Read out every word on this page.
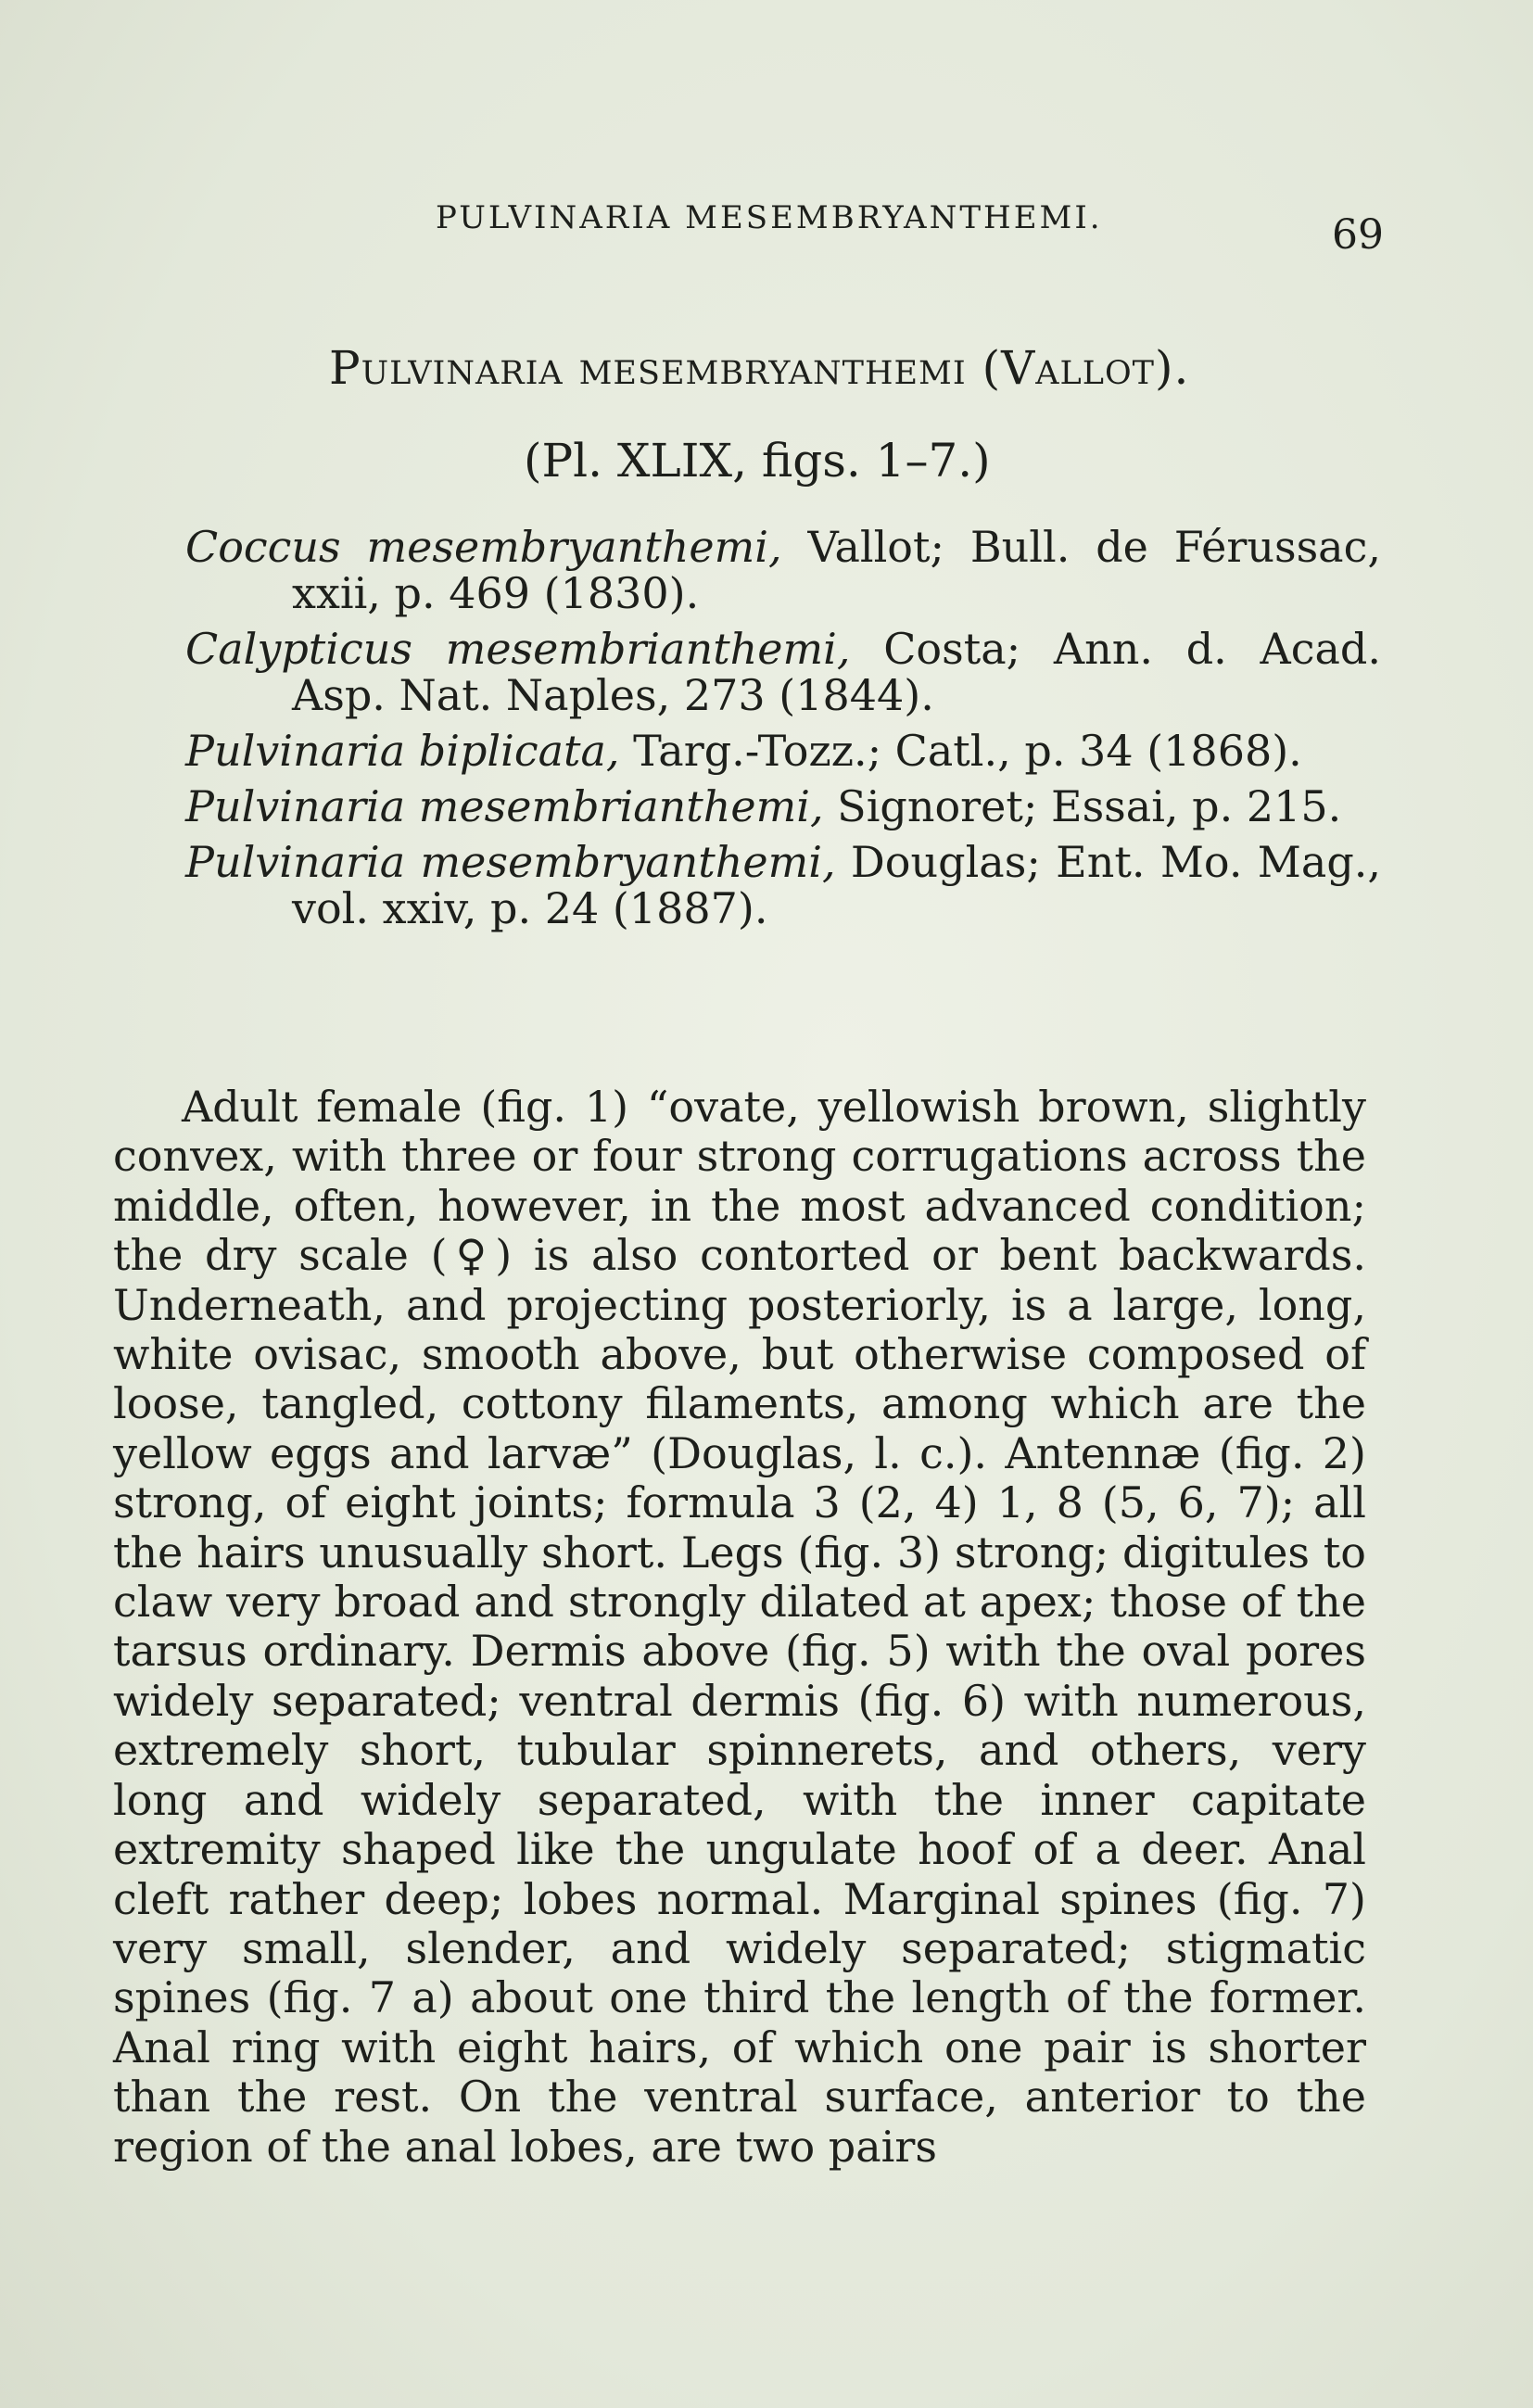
PULVINARIA MESEMBRYANTHEMI.	69
Pulvinaria mesembryanthemi (Vallot).
(Pl. XLIX, figs. 1–7.)
Coccus mesembryanthemi, Vallot; Bull. de Férussac, xxii, p. 469 (1830).
Calypticus mesembrianthemi, Costa; Ann. d. Acad. Asp. Nat. Naples, 273 (1844).
Pulvinaria biplicata, Targ.-Tozz.; Catl., p. 34 (1868).
Pulvinaria mesembrianthemi, Signoret; Essai, p. 215.
Pulvinaria mesembryanthemi, Douglas; Ent. Mo. Mag., vol. xxiv, p. 24 (1887).

Adult female (fig. 1) “ovate, yellowish brown, slightly convex, with three or four strong corrugations across the middle, often, however, in the most advanced condition; the dry scale (♀) is also contorted or bent backwards. Underneath, and projecting posteriorly, is a large, long, white ovisac, smooth above, but otherwise composed of loose, tangled, cottony filaments, among which are the yellow eggs and larvæ” (Douglas, l. c.). Antennæ (fig. 2) strong, of eight joints; formula 3 (2, 4) 1, 8 (5, 6, 7); all the hairs unusually short. Legs (fig. 3) strong; digitules to claw very broad and strongly dilated at apex; those of the tarsus ordinary. Dermis above (fig. 5) with the oval pores widely separated; ventral dermis (fig. 6) with numerous, extremely short, tubular spinnerets, and others, very long and widely separated, with the inner capitate extremity shaped like the ungulate hoof of a deer. Anal cleft rather deep; lobes normal. Marginal spines (fig. 7) very small, slender, and widely separated; stigmatic spines (fig. 7 a) about one third the length of the former. Anal ring with eight hairs, of which one pair is shorter than the rest. On the ventral surface, anterior to the region of the anal lobes, are two pairs
